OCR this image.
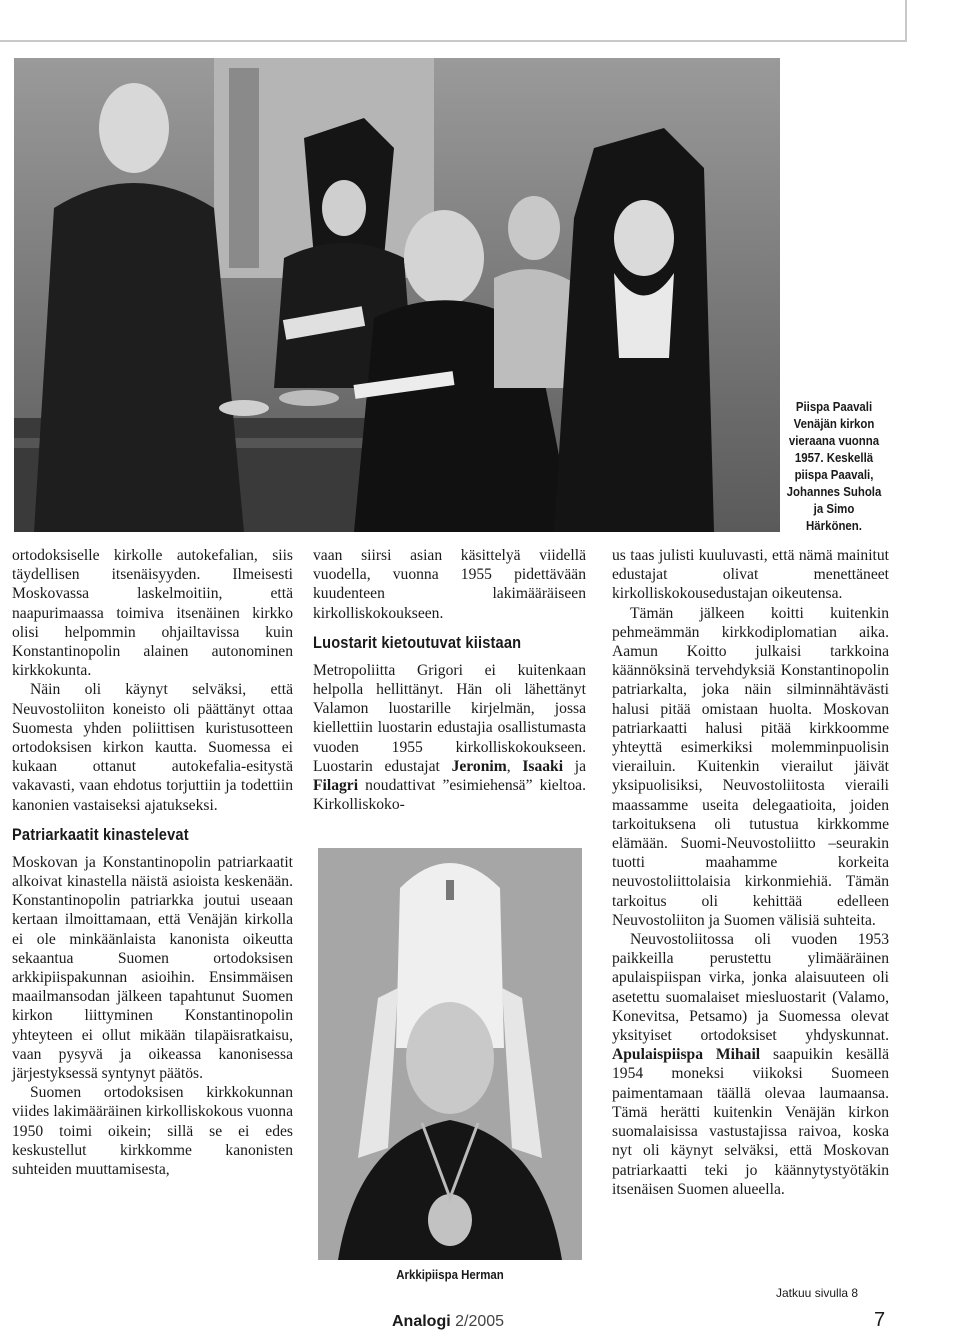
Piispa Paavali
Venäjän kirkon
vieraana vuonna
1957. Keskellä
piispa Paavali,
Johannes Suhola
ja Simo
Härkönen.

ortodoksiselle kirkolle autokefalian, siis täydellisen itsenäisyyden. Ilmeisesti Moskovassa laskelmoitiin, että naapurimaassa toimiva itsenäinen kirkko olisi helpommin ohjailtavissa kuin Konstantinopolin alainen autonominen kirkkokunta.

Näin oli käynyt selväksi, että Neuvostoliiton koneisto oli päättänyt ottaa Suomesta yhden poliittisen kuristusotteen ortodoksisen kirkon kautta. Suomessa ei kukaan ottanut autokefalia-esitystä vakavasti, vaan ehdotus torjuttiin ja todettiin kanonien vastaiseksi ajatukseksi.

Patriarkaatit kinastelevat

Moskovan ja Konstantinopolin patriarkaatit alkoivat kinastella näistä asioista keskenään. Konstantinopolin patriarkka joutui useaan kertaan ilmoittamaan, että Venäjän kirkolla ei ole minkäänlaista kanonista oikeutta sekaantua Suomen ortodoksisen arkkipiispakunnan asioihin. Ensimmäisen maailmansodan jälkeen tapahtunut Suomen kirkon liittyminen Konstantinopolin yhteyteen ei ollut mikään tilapäisratkaisu, vaan pysyvä ja oikeassa kanonisessa järjestyksessä syntynyt päätös.

Suomen ortodoksisen kirkkokunnan viides lakimääräinen kirkolliskokous vuonna 1950 toimi oikein; sillä se ei edes keskustellut kirkkomme kanonisten suhteiden muuttamisesta,

vaan siirsi asian käsittelyä viidellä vuodella, vuonna 1955 pidettävään kuudenteen lakimääräiseen kirkolliskokoukseen.

Luostarit kietoutuvat kiistaan

Metropoliitta Grigori ei kuitenkaan helpolla hellittänyt. Hän oli lähettänyt Valamon luostarille kirjelmän, jossa kiellettiin luostarin edustajia osallistumasta vuoden 1955 kirkolliskokoukseen. Luostarin edustajat Jeronim, Isaaki ja Filagri noudattivat ”esimiehensä” kieltoa. Kirkolliskoko-

Arkkipiispa Herman

us taas julisti kuuluvasti, että nämä mainitut edustajat olivat menettäneet kirkolliskokousedustajan oikeutensa.

Tämän jälkeen koitti kuitenkin pehmeämmän kirkkodiplomatian aika. Aamun Koitto julkaisi tarkkoina käännöksinä tervehdyksiä Konstantinopolin patriarkalta, joka näin silminnähtävästi halusi pitää omistaan huolta. Moskovan patriarkaatti halusi pitää kirkkoomme yhteyttä esimerkiksi molemminpuolisin vierailuin. Kuitenkin vierailut jäivät yksipuolisiksi, Neuvostoliitosta vieraili maassamme useita delegaatioita, joiden tarkoituksena oli tutustua kirkkomme elämään. Suomi-Neuvostoliitto –seurakin tuotti maahamme korkeita neuvostoliittolaisia kirkonmiehiä. Tämän tarkoitus oli kehittää edelleen Neuvostoliiton ja Suomen välisiä suhteita.

Neuvostoliitossa oli vuoden 1953 paikkeilla perustettu ylimääräinen apulaispiispan virka, jonka alaisuuteen oli asetettu suomalaiset miesluostarit (Valamo, Konevitsa, Petsamo) ja Suomessa olevat yksityiset ortodoksiset yhdyskunnat. Apulaispiispa Mihail saapuikin kesällä 1954 moneksi viikoksi Suomeen paimentamaan täällä olevaa laumaansa. Tämä herätti kuitenkin Venäjän kirkon suomalaisissa vastustajissa raivoa, koska nyt oli käynyt selväksi, että Moskovan patriarkaatti teki jo käännytystyötäkin itsenäisen Suomen alueella.

Jatkuu sivulla 8
Analogi 2/2005	7
